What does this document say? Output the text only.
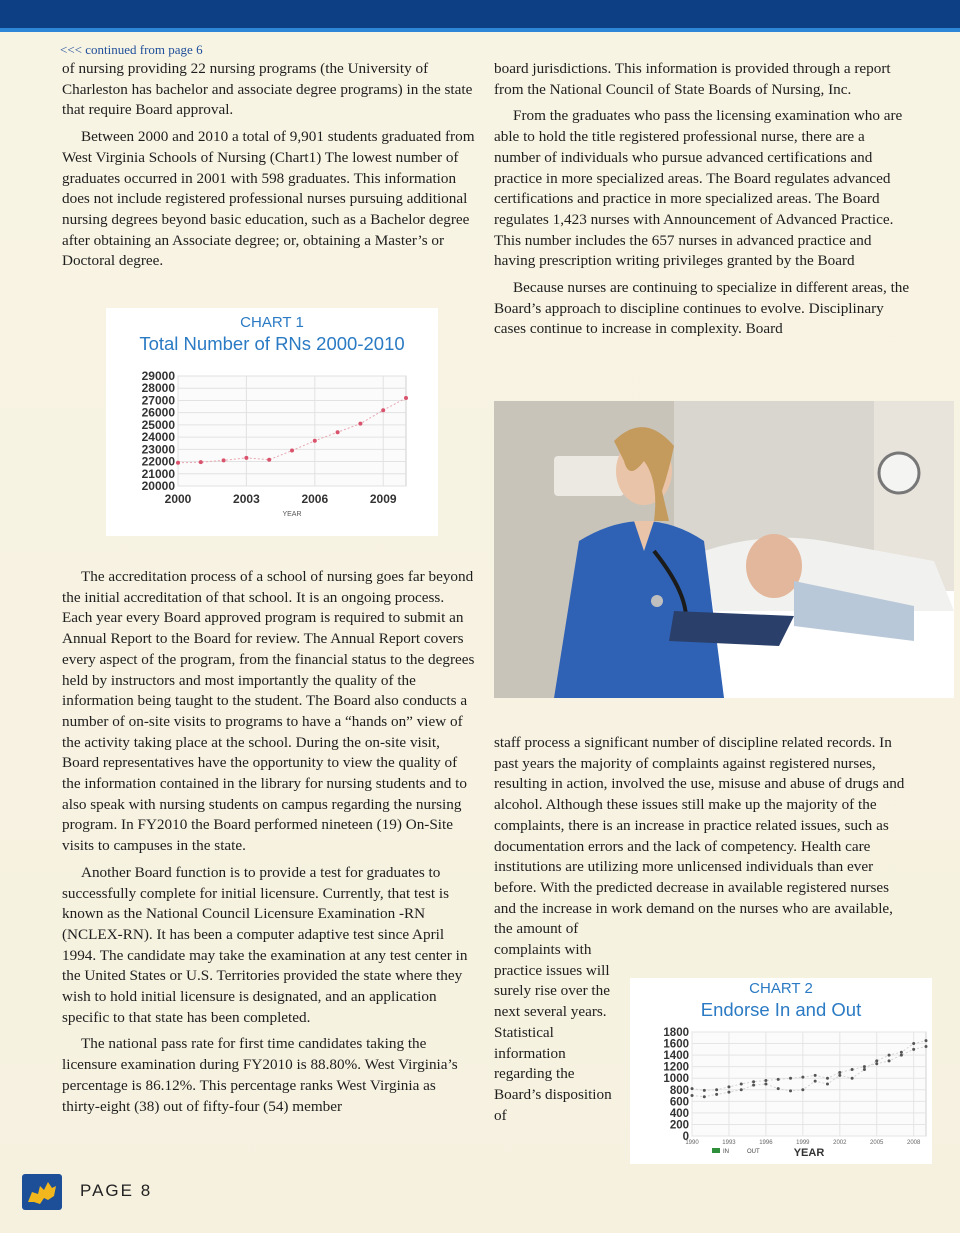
<<< continued from page 6

of nursing providing 22 nursing programs (the University of Charleston has bachelor and associate degree programs) in the state that require Board approval.

Between 2000 and 2010 a total of 9,901 students graduated from West Virginia Schools of Nursing (Chart1) The lowest number of graduates occurred in 2001 with 598 graduates. This information does not include registered professional nurses pursuing additional nursing degrees beyond basic education, such as a Bachelor degree after obtaining an Associate degree; or, obtaining a Master’s or Doctoral degree.

CHART 1
Total Number of RNs 2000-2010
29000
28000
27000
26000
25000
24000
23000
22000
21000
20000
2000	2003	2006	2009
YEAR

The accreditation process of a school of nursing goes far beyond the initial accreditation of that school. It is an ongoing process. Each year every Board approved program is required to submit an Annual Report to the Board for review. The Annual Report covers every aspect of the program, from the financial status to the degrees held by instructors and most importantly the quality of the information being taught to the student. The Board also conducts a number of on-site visits to programs to have a “hands on” view of the activity taking place at the school. During the on-site visit, Board representatives have the opportunity to view the quality of the information contained in the library for nursing students and to also speak with nursing students on campus regarding the nursing program. In FY2010 the Board performed nineteen (19) On-Site visits to campuses in the state.

Another Board function is to provide a test for graduates to successfully complete for initial licensure. Currently, that test is known as the National Council Licensure Examination -RN (NCLEX-RN). It has been a computer adaptive test since April 1994. The candidate may take the examination at any test center in the United States or U.S. Territories provided the state where they wish to hold initial licensure is designated, and an application specific to that state has been completed.

The national pass rate for first time candidates taking the licensure examination during FY2010 is 88.80%. West Virginia’s percentage is 86.12%. This percentage ranks West Virginia as thirty-eight (38) out of fifty-four (54) member

board jurisdictions. This information is provided through a report from the National Council of State Boards of Nursing, Inc.

From the graduates who pass the licensing examination who are able to hold the title registered professional nurse, there are a number of individuals who pursue advanced certifications and practice in more specialized areas. The Board regulates advanced certifications and practice in more specialized areas. The Board regulates 1,423 nurses with Announcement of Advanced Practice. This number includes the 657 nurses in advanced practice and having prescription writing privileges granted by the Board

Because nurses are continuing to specialize in different areas, the Board’s approach to discipline continues to evolve. Disciplinary cases continue to increase in complexity. Board

staff process a significant number of discipline related records. In past years the majority of complaints against registered nurses, resulting in action, involved the use, misuse and abuse of drugs and alcohol. Although these issues still make up the majority of the complaints, there is an increase in practice related issues, such as documentation errors and the lack of competency. Health care institutions are utilizing more unlicensed individuals than ever before. With the predicted decrease in available registered nurses and the increase in work demand on the nurses who are available,

the amount of complaints with practice issues will surely rise over the next several years. Statistical information regarding the Board’s disposition of

CHART 2
Endorse In and Out
1800
1600
1400
1200
1000
800
600
400
200
0
1990	1993	1996	1999	2002	2005	2008
IN	OUT	YEAR
PAGE 8
